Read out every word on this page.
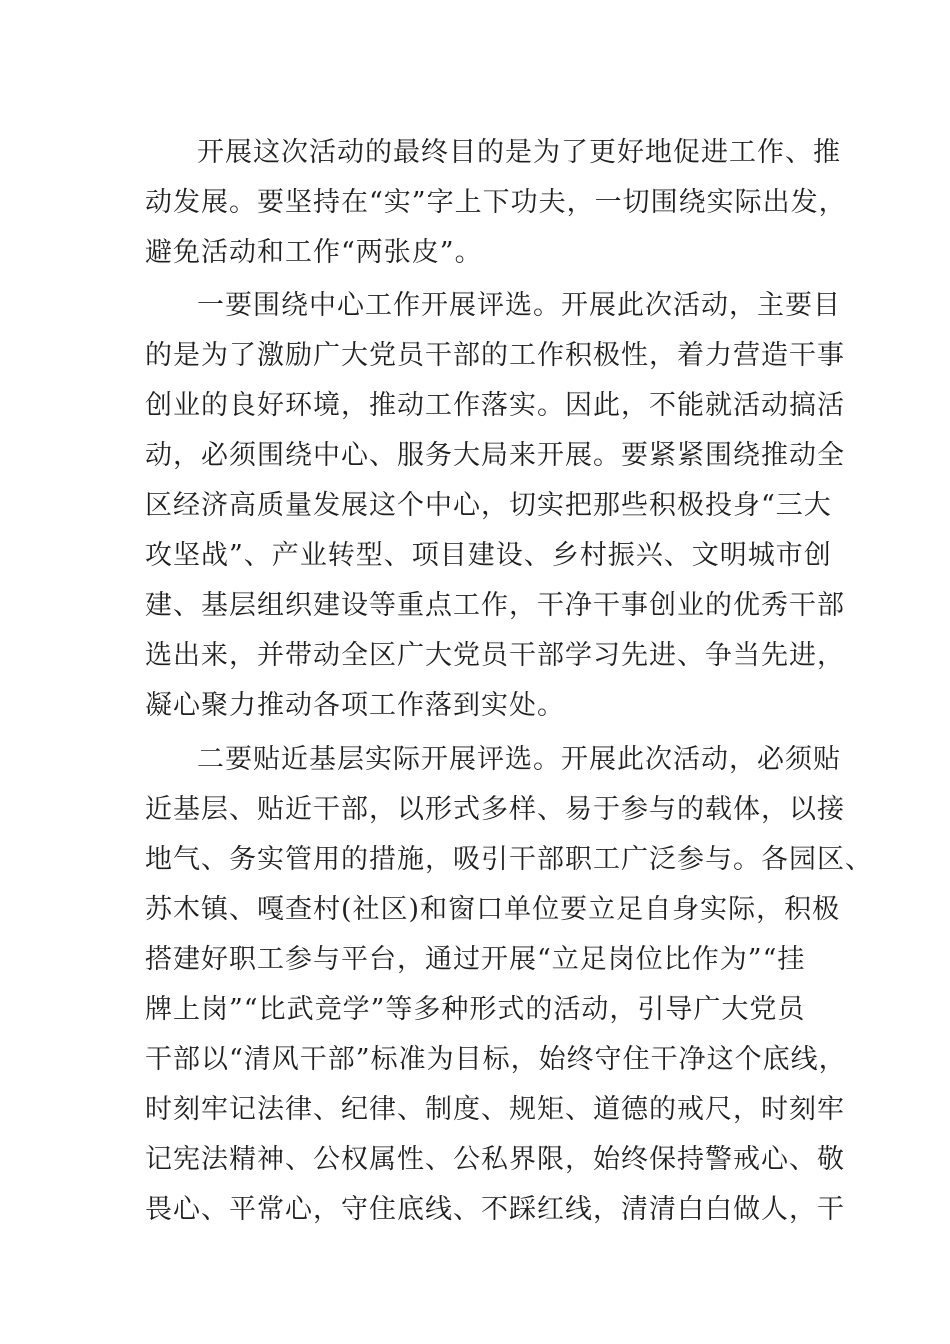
开展这次活动的最终目的是为了更好地促进工作、推
动发展。要坚持在“实”字上下功夫，一切围绕实际出发，
避免活动和工作“两张皮”。
一要围绕中心工作开展评选。开展此次活动，主要目
的是为了激励广大党员干部的工作积极性，着力营造干事
创业的良好环境，推动工作落实。因此，不能就活动搞活
动，必须围绕中心、服务大局来开展。要紧紧围绕推动全
区经济高质量发展这个中心，切实把那些积极投身“三大
攻坚战”、产业转型、项目建设、乡村振兴、文明城市创
建、基层组织建设等重点工作，干净干事创业的优秀干部
选出来，并带动全区广大党员干部学习先进、争当先进，
凝心聚力推动各项工作落到实处。
二要贴近基层实际开展评选。开展此次活动，必须贴
近基层、贴近干部，以形式多样、易于参与的载体，以接
地气、务实管用的措施，吸引干部职工广泛参与。各园区、
苏木镇、嘎查村(社区)和窗口单位要立足自身实际，积极
搭建好职工参与平台，通过开展“立足岗位比作为”“挂
牌上岗”“比武竞学”等多种形式的活动，引导广大党员
干部以“清风干部”标准为目标，始终守住干净这个底线，
时刻牢记法律、纪律、制度、规矩、道德的戒尺，时刻牢
记宪法精神、公权属性、公私界限，始终保持警戒心、敬
畏心、平常心，守住底线、不踩红线，清清白白做人，干
